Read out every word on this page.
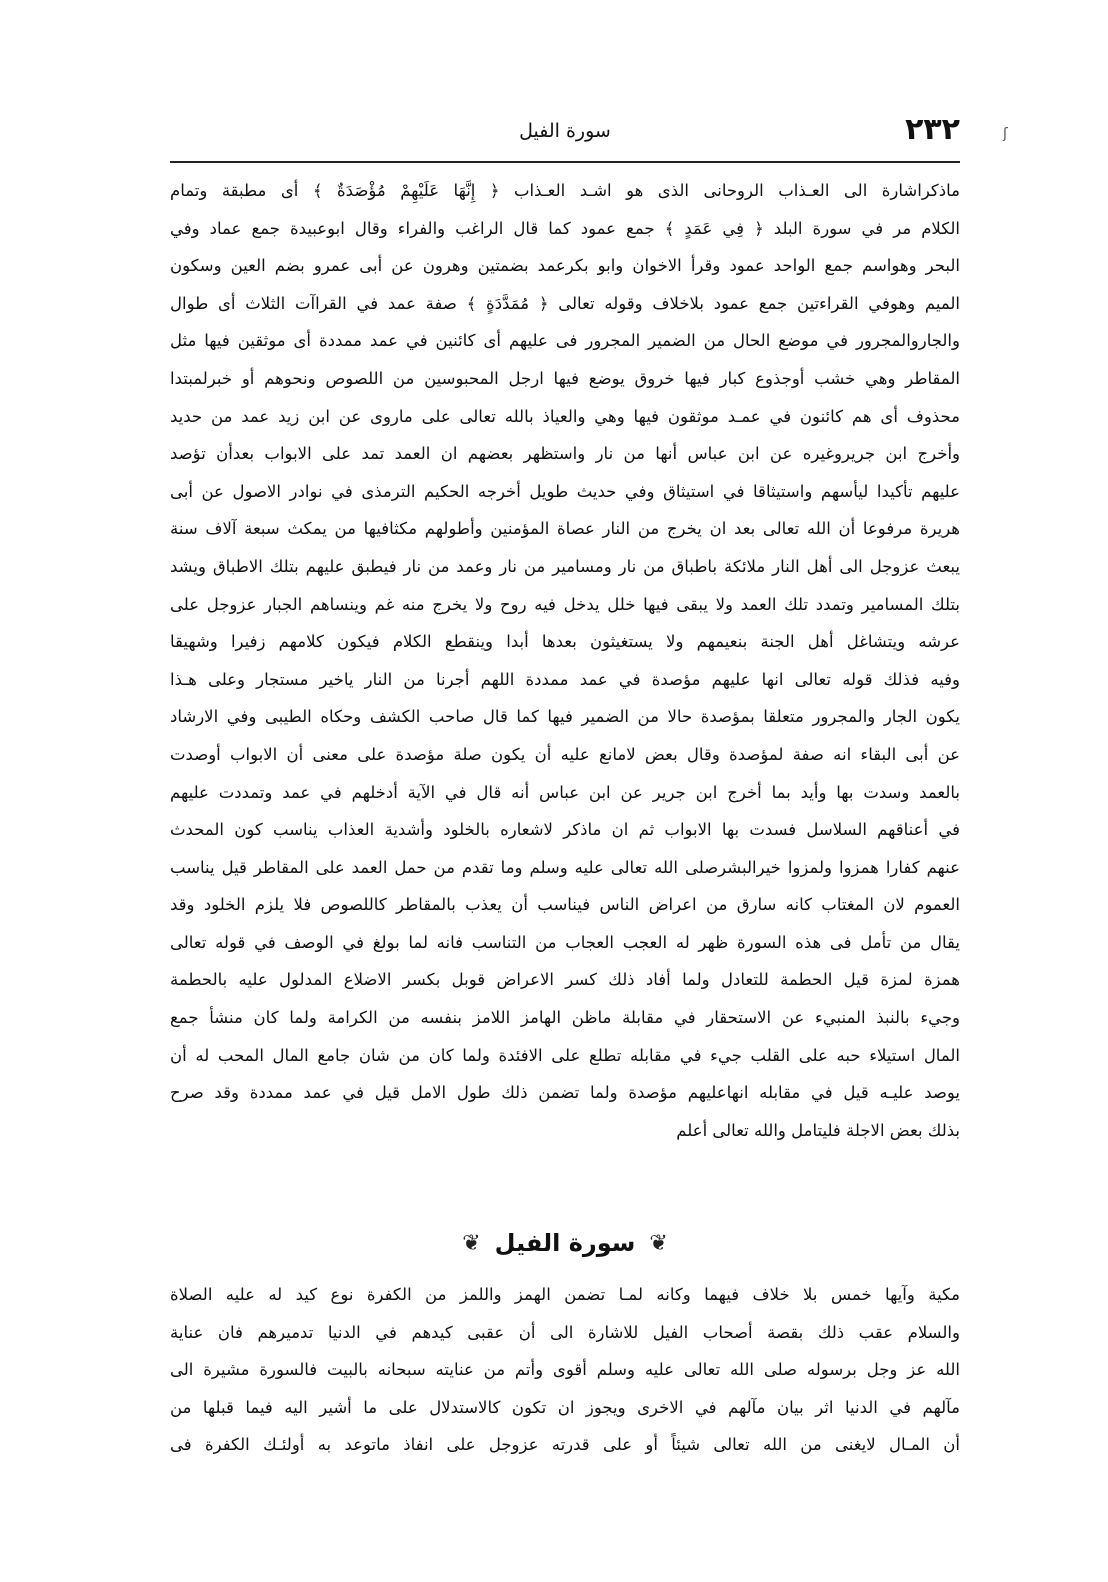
٢٣٢
سورة الفيل	ʃ
ماذكراشارة الى العـذاب الروحانى الذى هو اشـد العـذاب ﴿ إِنَّهَا عَلَيْهِمْ مُؤْصَدَةٌ ﴾ أى مطبقة وتمام
الكلام مر في سورة البلد ﴿ فِي عَمَدٍ ﴾ جمع عمود كما قال الراغب والفراء وقال ابوعبيدة جمع عماد وفي
البحر وهواسم جمع الواحد عمود وقرأ الاخوان وابو بكرعمد بضمتين وهرون عن أبى عمرو بضم العين وسكون
الميم وهوفي القراءتين جمع عمود بلاخلاف وقوله تعالى ﴿ مُمَدَّدَةٍ ﴾ صفة عمد في القراآت الثلاث أى طوال
والجاروالمجرور في موضع الحال من الضمير المجرور فى عليهم أى كائنين في عمد ممددة أى موثقين فيها مثل
المقاطر وهي خشب أوجذوع كبار فيها خروق يوضع فيها ارجل المحبوسين من اللصوص ونحوهم أو خبرلمبتدا
محذوف أى هم كائنون في عمـد موثقون فيها وهي والعياذ بالله تعالى على ماروى عن ابن زيد عمد من حديد
وأخرج ابن جريروغيره عن ابن عباس أنها من نار واستظهر بعضهم ان العمد تمد على الابواب بعدأن تؤصد
عليهم تأكيدا ليأسهم واستيثاقا في استيثاق وفي حديث طويل أخرجه الحكيم الترمذى في نوادر الاصول عن أبى
هريرة مرفوعا أن الله تعالى بعد ان يخرج من النار عصاة المؤمنين وأطولهم مكثافيها من يمكث سبعة آلاف سنة
يبعث عزوجل الى أهل النار ملائكة باطباق من نار ومسامير من نار وعمد من نار فيطبق عليهم بتلك الاطباق ويشد
بتلك المسامير وتمدد تلك العمد ولا يبقى فيها خلل يدخل فيه روح ولا يخرج منه غم وينساهم الجبار عزوجل على
عرشه ويتشاغل أهل الجنة بنعيمهم ولا يستغيثون بعدها أبدا وينقطع الكلام فيكون كلامهم زفيرا وشهيقا
وفيه فذلك قوله تعالى انها عليهم مؤصدة في عمد ممددة اللهم أجرنا من النار ياخير مستجار وعلى هـذا
يكون الجار والمجرور متعلقا بمؤصدة حالا من الضمير فيها كما قال صاحب الكشف وحكاه الطيبى وفي الارشاد
عن أبى البقاء انه صفة لمؤصدة وقال بعض لامانع عليه أن يكون صلة مؤصدة على معنى أن الابواب أوصدت
بالعمد وسدت بها وأيد بما أخرج ابن جرير عن ابن عباس أنه قال في الآية أدخلهم في عمد وتمددت عليهم
في أعناقهم السلاسل فسدت بها الابواب ثم ان ماذكر لاشعاره بالخلود وأشدية العذاب يناسب كون المحدث
عنهم كفارا همزوا ولمزوا خيرالبشرصلى الله تعالى عليه وسلم وما تقدم من حمل العمد على المقاطر قيل يناسب
العموم لان المغتاب كانه سارق من اعراض الناس فيناسب أن يعذب بالمقاطر كاللصوص فلا يلزم الخلود وقد
يقال من تأمل فى هذه السورة ظهر له العجب العجاب من التناسب فانه لما بولغ في الوصف في قوله تعالى
همزة لمزة قيل الحطمة للتعادل ولما أفاد ذلك كسر الاعراض قوبل بكسر الاضلاع المدلول عليه بالحطمة
وجيء بالنبذ المنبيء عن الاستحقار في مقابلة ماظن الهامز اللامز بنفسه من الكرامة ولما كان منشأ جمع
المال استيلاء حبه على القلب جيء في مقابله تطلع على الافئدة ولما كان من شان جامع المال المحب له أن
يوصد عليـه قيل في مقابله انهاعليهم مؤصدة ولما تضمن ذلك طول الامل قيل في عمد ممددة وقد صرح
بذلك بعض الاجلة فليتامل والله تعالى أعلم
❦
سورة الفيل
❦
مكية وآيها خمس بلا خلاف فيهما وكانه لمـا تضمن الهمز واللمز من الكفرة نوع كيد له عليه الصلاة
والسلام عقب ذلك بقصة أصحاب الفيل للاشارة الى أن عقبى كيدهم في الدنيا تدميرهم فان عناية
الله عز وجل برسوله صلى الله تعالى عليه وسلم أقوى وأتم من عنايته سبحانه بالبيت فالسورة مشيرة الى
مآلهم في الدنيا اثر بيان مآلهم في الاخرى ويجوز ان تكون كالاستدلال على ما أشير اليه فيما قبلها من
أن المـال لايغنى من الله تعالى شيئاً أو على قدرته عزوجل على انفاذ ماتوعد به أولئـك الكفرة فى
